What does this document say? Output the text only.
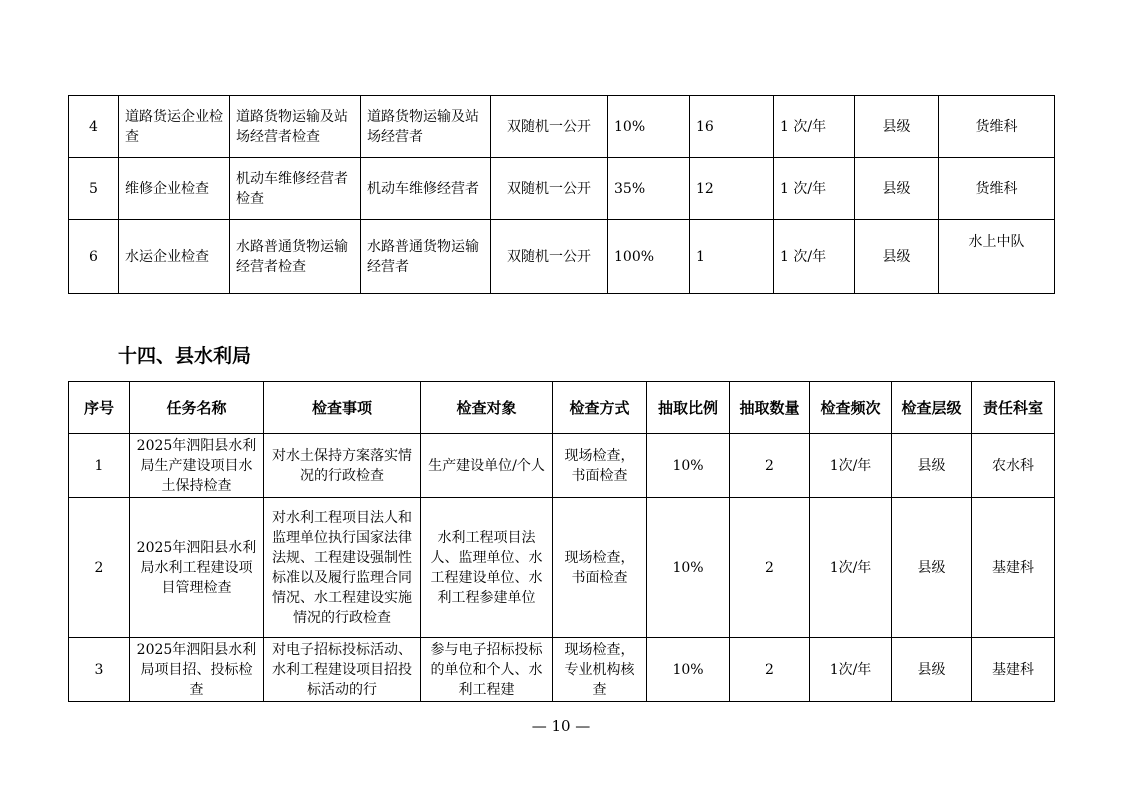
4	道路货运企业检查	道路货物运输及站场经营者检查	道路货物运输及站场经营者	双随机一公开	10%	16	1 次/年	县级	货维科
5	维修企业检查	机动车维修经营者检查	机动车维修经营者	双随机一公开	35%	12	1 次/年	县级	货维科
6	水运企业检查	水路普通货物运输经营者检查	水路普通货物运输经营者	双随机一公开	100%	1	1 次/年	县级	水上中队
十四、县水利局
序号	任务名称	检查事项	检查对象	检查方式	抽取比例	抽取数量	检查频次	检查层级	责任科室
1	2025年泗阳县水利局生产建设项目水土保持检查	对水土保持方案落实情况的行政检查	生产建设单位/个人	现场检查，书面检查	10%	2	1次/年	县级	农水科
2	2025年泗阳县水利局水利工程建设项目管理检查	对水利工程项目法人和监理单位执行国家法律法规、工程建设强制性标准以及履行监理合同情况、水工程建设实施情况的行政检查	水利工程项目法人、监理单位、水工程建设单位、水利工程参建单位	现场检查，书面检查	10%	2	1次/年	县级	基建科
3	2025年泗阳县水利局项目招、投标检查	对电子招标投标活动、水利工程建设项目招投标活动的行	参与电子招标投标的单位和个人、水利工程建	现场检查，专业机构核查	10%	2	1次/年	县级	基建科
— 10 —
